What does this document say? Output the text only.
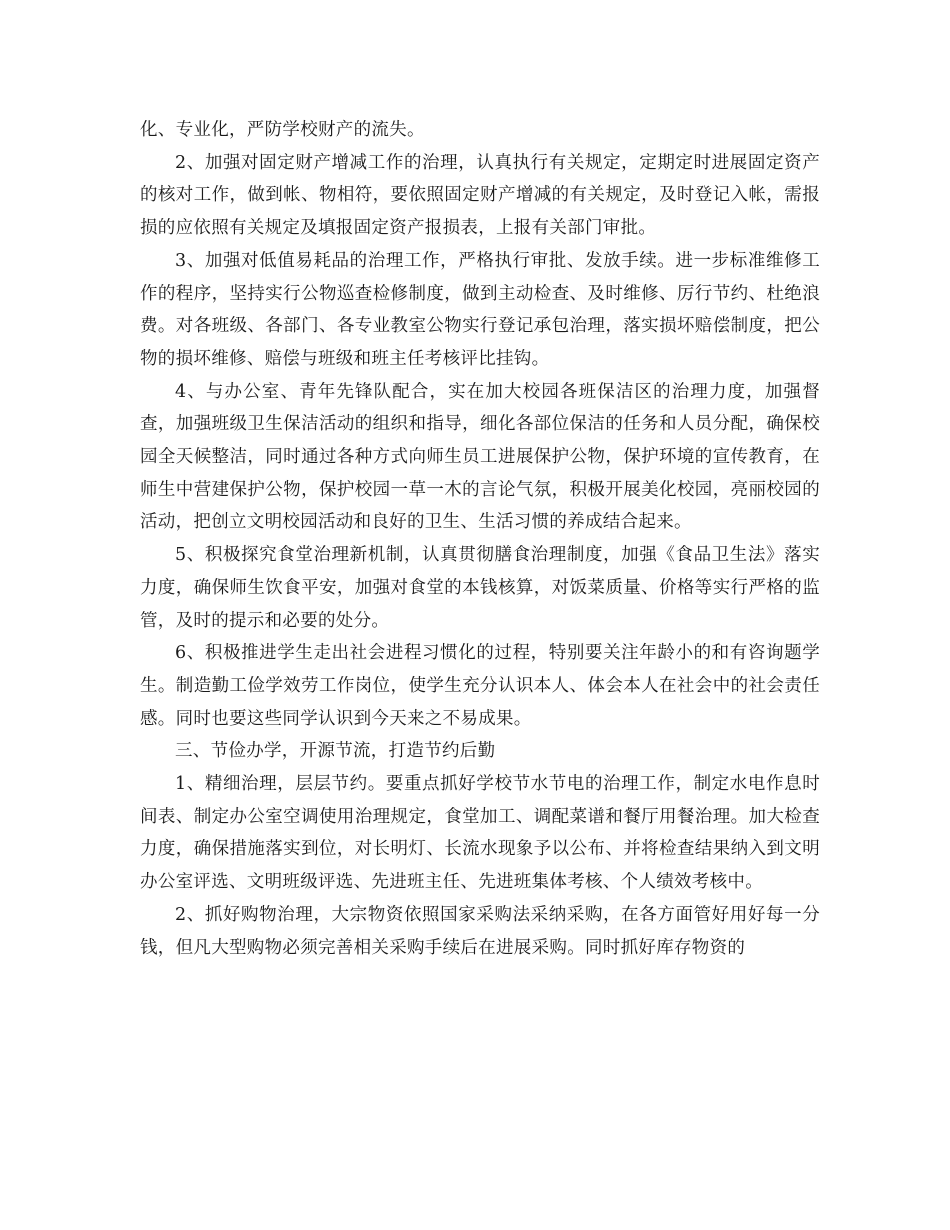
化、专业化，严防学校财产的流失。

2、加强对固定财产增减工作的治理，认真执行有关规定，定期定时进展固定资产的核对工作，做到帐、物相符，要依照固定财产增减的有关规定，及时登记入帐，需报损的应依照有关规定及填报固定资产报损表，上报有关部门审批。

3、加强对低值易耗品的治理工作，严格执行审批、发放手续。进一步标准维修工作的程序，坚持实行公物巡查检修制度，做到主动检查、及时维修、厉行节约、杜绝浪费。对各班级、各部门、各专业教室公物实行登记承包治理，落实损坏赔偿制度，把公物的损坏维修、赔偿与班级和班主任考核评比挂钩。

4、与办公室、青年先锋队配合，实在加大校园各班保洁区的治理力度，加强督查，加强班级卫生保洁活动的组织和指导，细化各部位保洁的任务和人员分配，确保校园全天候整洁，同时通过各种方式向师生员工进展保护公物，保护环境的宣传教育，在师生中营建保护公物，保护校园一草一木的言论气氛，积极开展美化校园，亮丽校园的活动，把创立文明校园活动和良好的卫生、生活习惯的养成结合起来。

5、积极探究食堂治理新机制，认真贯彻膳食治理制度，加强《食品卫生法》落实力度，确保师生饮食平安，加强对食堂的本钱核算，对饭菜质量、价格等实行严格的监管，及时的提示和必要的处分。

6、积极推进学生走出社会进程习惯化的过程，特别要关注年龄小的和有咨询题学生。制造勤工俭学效劳工作岗位，使学生充分认识本人、体会本人在社会中的社会责任感。同时也要这些同学认识到今天来之不易成果。

三、节俭办学，开源节流，打造节约后勤

1、精细治理，层层节约。要重点抓好学校节水节电的治理工作，制定水电作息时间表、制定办公室空调使用治理规定，食堂加工、调配菜谱和餐厅用餐治理。加大检查力度，确保措施落实到位，对长明灯、长流水现象予以公布、并将检查结果纳入到文明办公室评选、文明班级评选、先进班主任、先进班集体考核、个人绩效考核中。

2、抓好购物治理，大宗物资依照国家采购法采纳采购，在各方面管好用好每一分钱，但凡大型购物必须完善相关采购手续后在进展采购。同时抓好库存物资的
